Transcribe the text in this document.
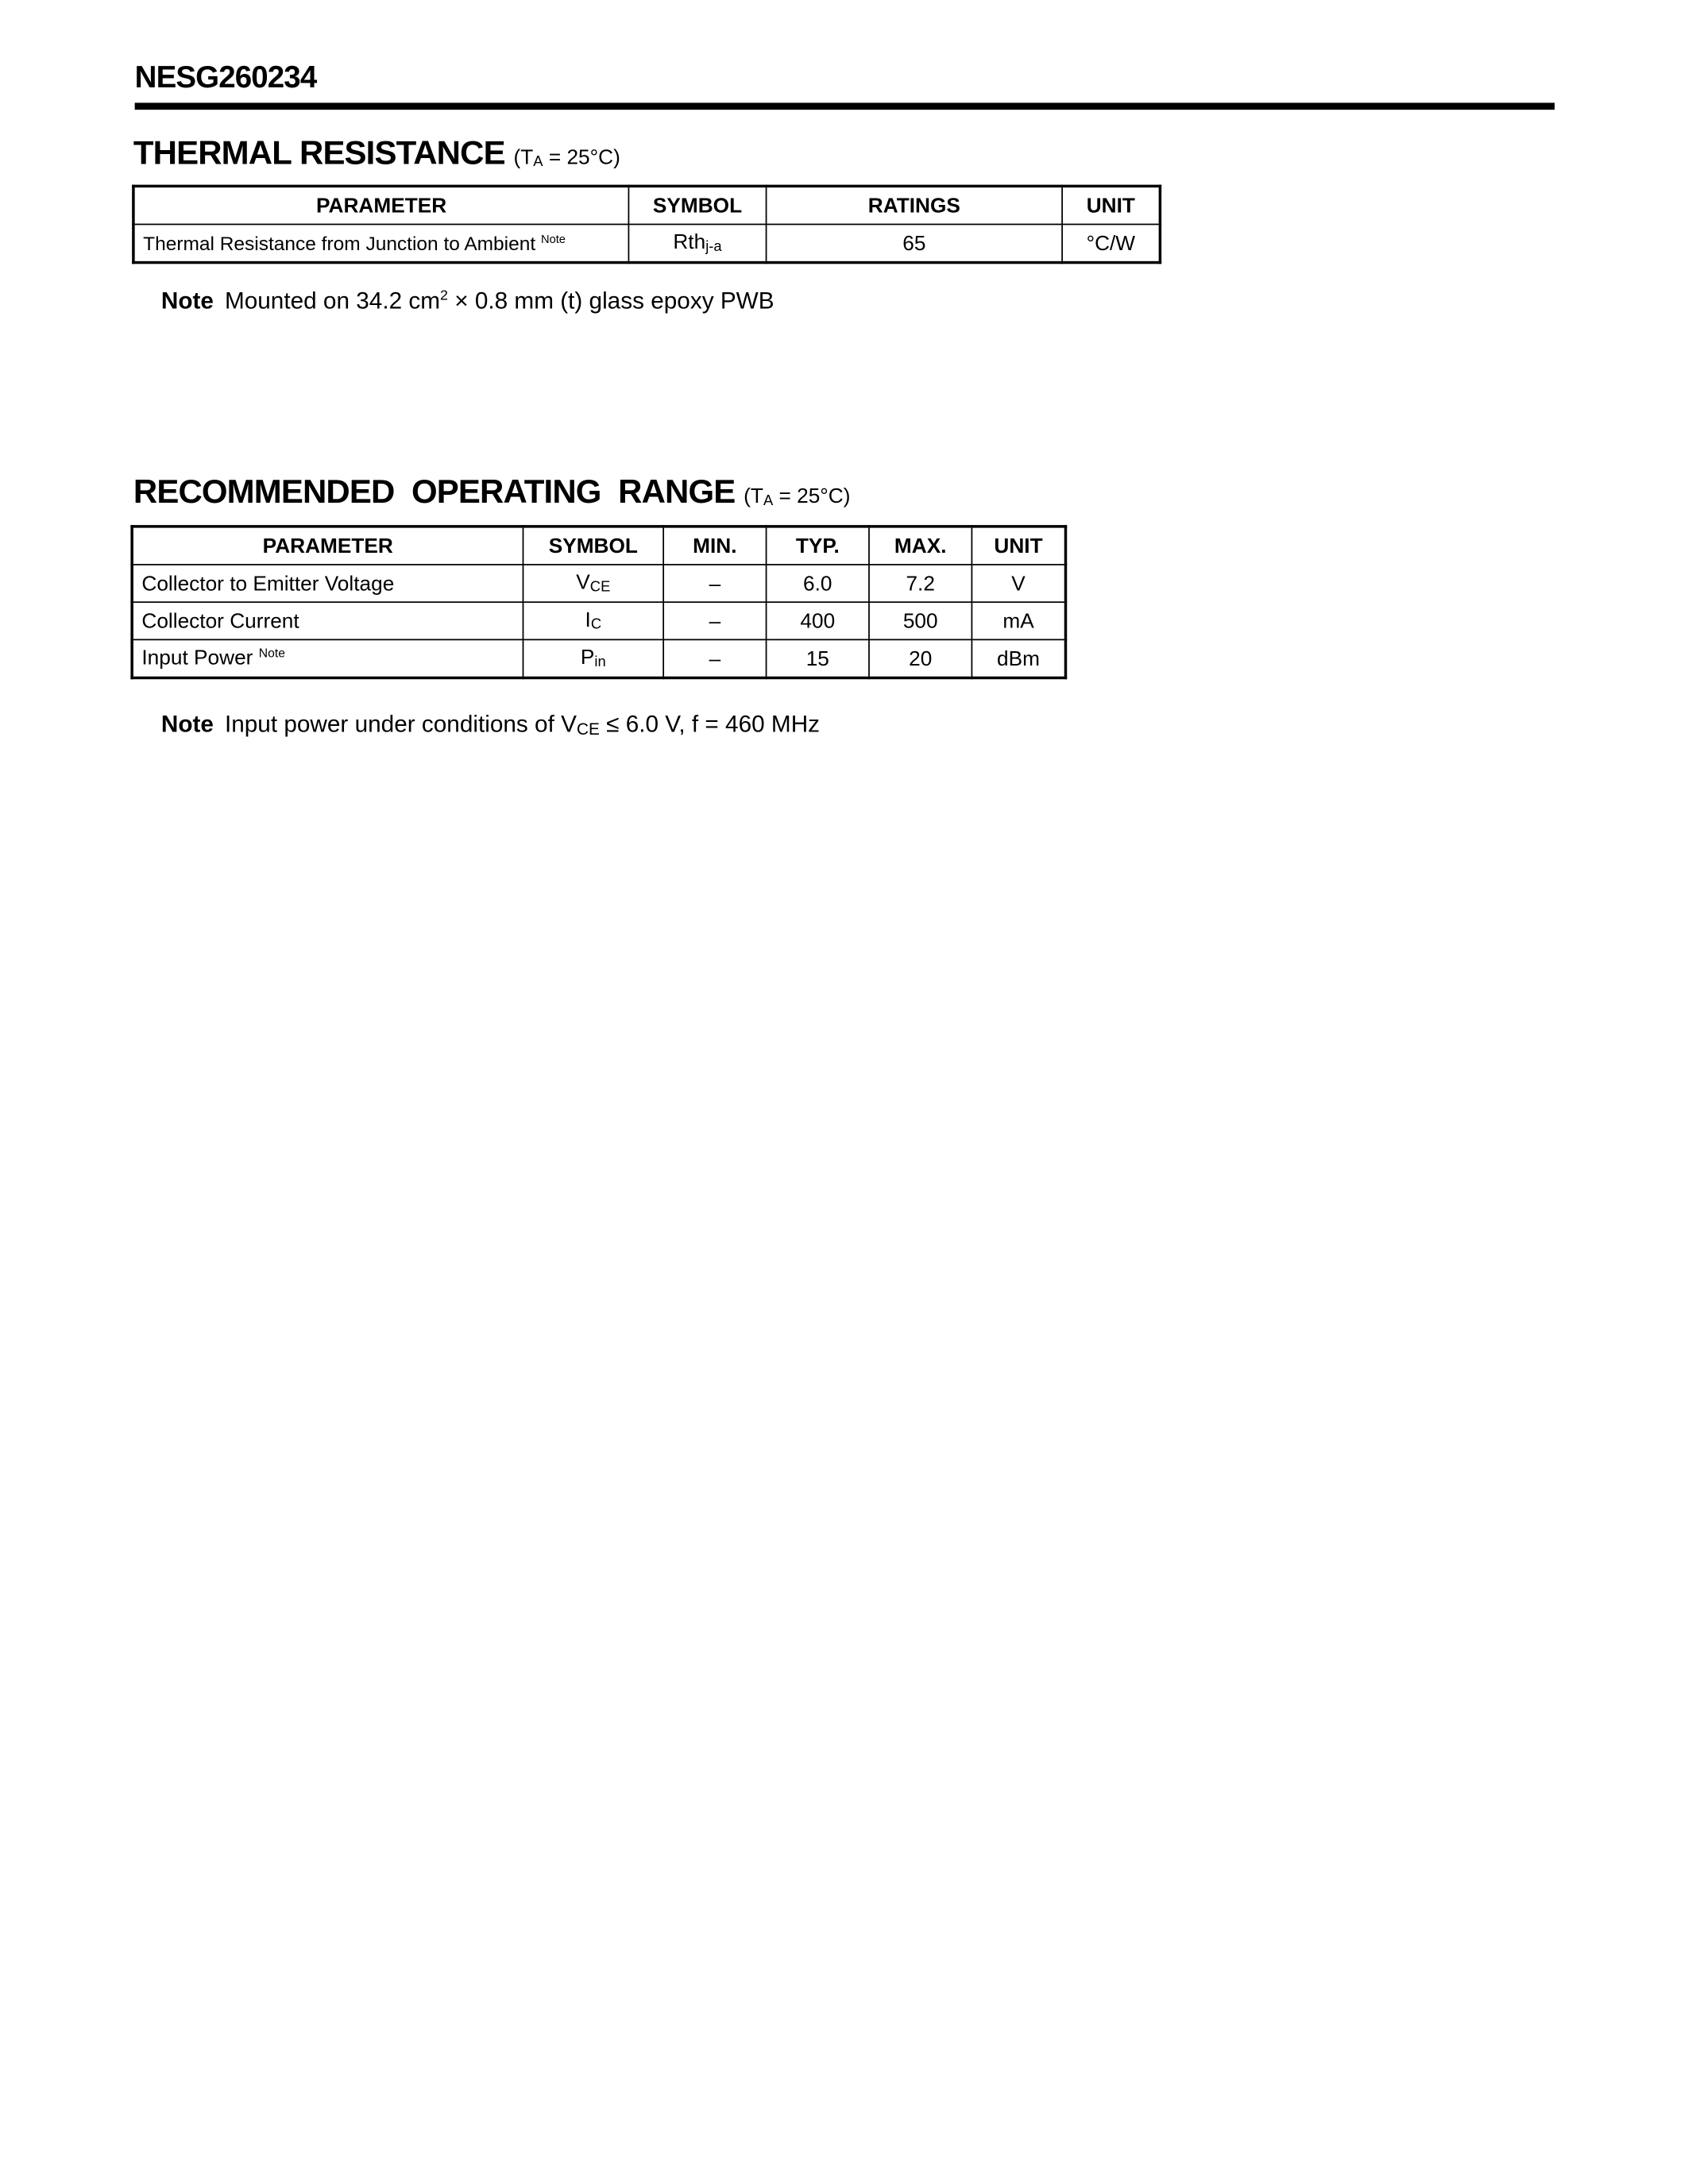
NESG260234
THERMAL RESISTANCE (TA = 25°C)
PARAMETER	SYMBOL	RATINGS	UNIT
Thermal Resistance from Junction to Ambient $^{Note}$	Rthj-a	65	°C/W
Note Mounted on 34.2 $cm^2 \times 0.8$ mm (t) glass epoxy PWB
RECOMMENDED  OPERATING  RANGE (TA = 25°C)
PARAMETER	SYMBOL	MIN.	TYP.	MAX.	UNIT
Collector to Emitter Voltage	VCE	–	6.0	7.2	V
Collector Current	IC	–	400	500	mA
Input Power $^{Note}$	Pin	–	15	20	dBm
Note Input power under conditions of VCE ≤ 6.0 V, f = 460 MHz
